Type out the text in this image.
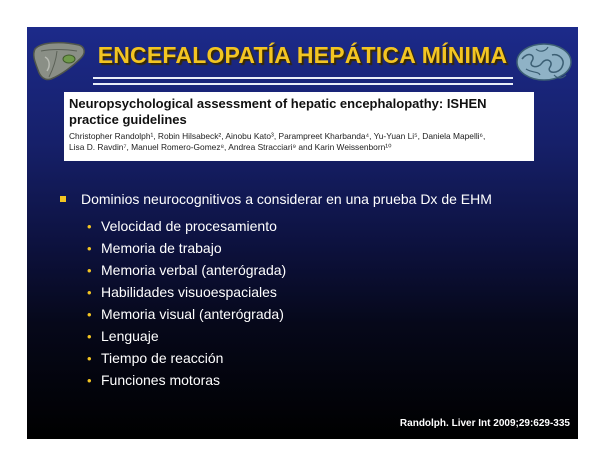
ENCEFALOPATÍA HEPÁTICA MÍNIMA
Neuropsychological assessment of hepatic encephalopathy: ISHEN
practice guidelines
Christopher Randolph¹, Robin Hilsabeck², Ainobu Kato³, Parampreet Kharbanda⁴, Yu-Yuan Li⁵, Daniela Mapelli⁶,
Lisa D. Ravdin⁷, Manuel Romero-Gomez⁸, Andrea Stracciari⁹ and Karin Weissenborn¹⁰
Dominios neurocognitivos a considerar en una prueba Dx de EHM
• Velocidad de procesamiento
• Memoria de trabajo
• Memoria verbal (anterógrada)
• Habilidades visuoespaciales
• Memoria visual (anterógrada)
• Lenguaje
• Tiempo de reacción
• Funciones motoras
Randolph. Liver Int 2009;29:629-335
